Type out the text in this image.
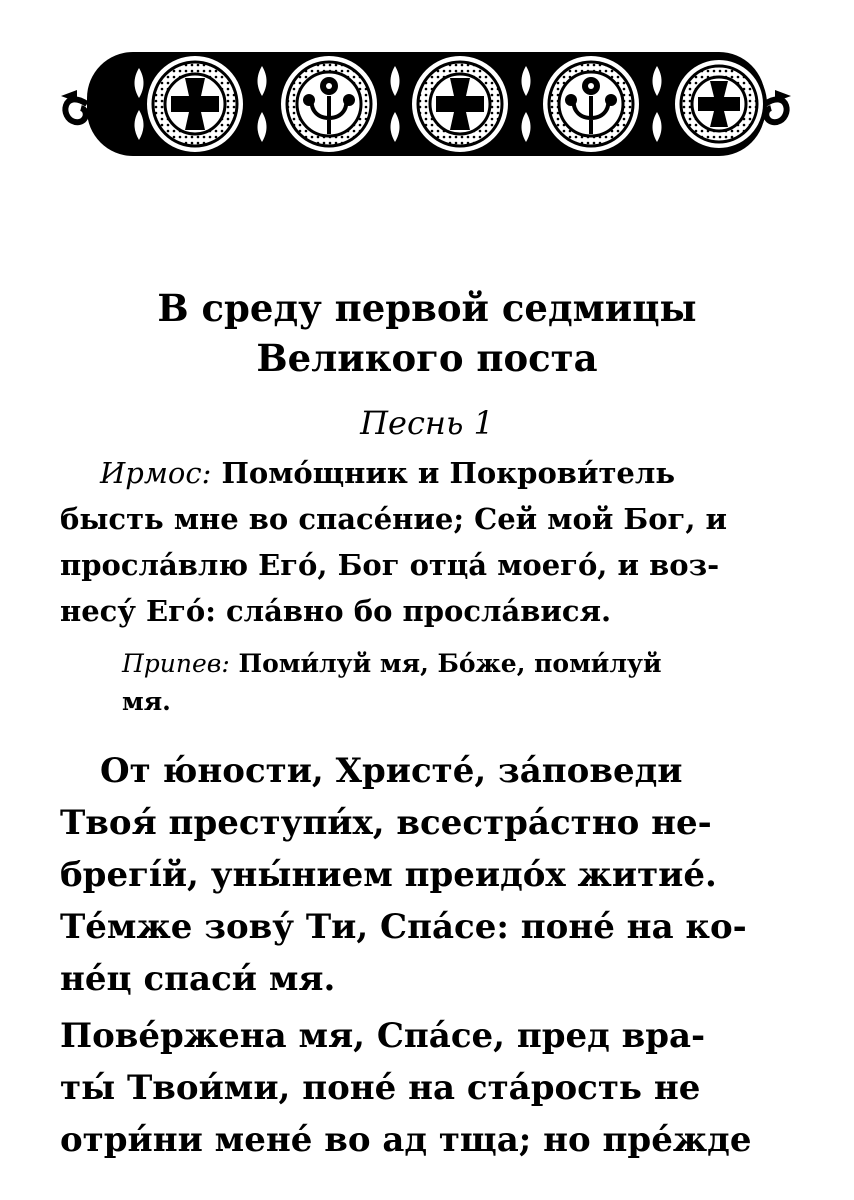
В среду первой седмицы
Великого поста
Песнь 1
Ирмос: Помо́щник и Покрови́тель
бысть мне во спасе́ние; Сей мой Бог, и
просла́влю Его́, Бог отца́ моего́, и воз-
несу́ Его́: сла́вно бо просла́вися.
Припев: Поми́луй мя, Бо́же, поми́луй
мя.
От ю́ности, Христе́, за́поведи
Твоя́ преступи́х, всестра́стно не-
брегі́й, уны́нием преидо́х житие́.
Те́мже зову́ Ти, Спа́се: поне́ на ко-
не́ц спаси́ мя.
Пове́ржена мя, Спа́се, пред вра-
ты́ Твои́ми, поне́ на ста́рость не
отри́ни мене́ во ад тща; но пре́жде
